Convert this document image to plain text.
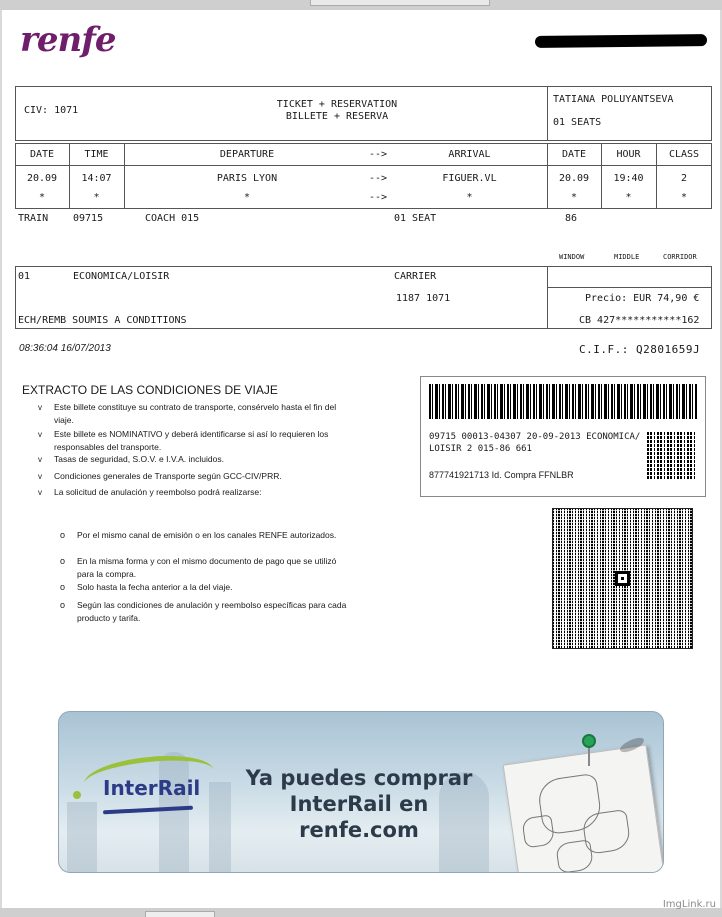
renfe
CIV: 1071
TICKET + RESERVATION
BILLETE + RESERVA
TATIANA POLUYANTSEVA
01 SEATS
DATE	TIME	DEPARTURE	-->	ARRIVAL	DATE	HOUR	CLASS
20.09	14:07	PARIS LYON	-->	FIGUER.VL	20.09	19:40	2
*	*	*	-->	*	*	*	*
TRAIN 09715	COACH 015	01 SEAT	86
WINDOW	MIDDLE	CORRIDOR
01	ECONOMICA/LOISIR	CARRIER
1187 1071	Precio: EUR 74,90 €
ECH/REMB SOUMIS A CONDITIONS	CB 427***********162
08:36:04 16/07/2013	C.I.F.: Q2801659J
EXTRACTO DE LAS CONDICIONES DE VIAJE
v Este billete constituye su contrato de transporte, consérvelo hasta el fin del viaje.
v Este billete es NOMINATIVO y deberá identificarse si así lo requieren los responsables del transporte.
v Tasas de seguridad, S.O.V. e I.V.A. incluidos.
v Condiciones generales de Transporte según GCC-CIV/PRR.
v La solicitud de anulación y reembolso podrá realizarse:
o Por el mismo canal de emisión o en los canales RENFE autorizados.
o En la misma forma y con el mismo documento de pago que se utilizó para la compra.
o Solo hasta la fecha anterior a la del viaje.
o Según las condiciones de anulación y reembolso específicas para cada producto y tarifa.
09715 00013-04307 20-09-2013 ECONOMICA/
LOISIR 2 015-86 661
877741921713 Id. Compra FFNLBR
InterRail	Ya puedes comprar
InterRail en renfe.com
ImgLink.ru
